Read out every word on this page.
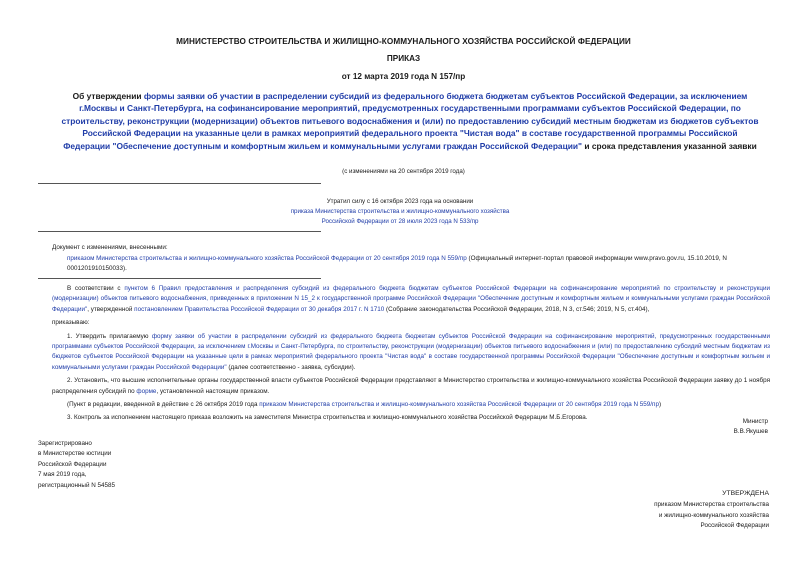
МИНИСТЕРСТВО СТРОИТЕЛЬСТВА И ЖИЛИЩНО-КОММУНАЛЬНОГО ХОЗЯЙСТВА РОССИЙСКОЙ ФЕДЕРАЦИИ
ПРИКАЗ
от 12 марта 2019 года N 157/пр
Об утверждении формы заявки об участии в распределении субсидий из федерального бюджета бюджетам субъектов Российской Федерации, за исключением г.Москвы и Санкт-Петербурга, на софинансирование мероприятий, предусмотренных государственными программами субъектов Российской Федерации, по строительству, реконструкции (модернизации) объектов питьевого водоснабжения и (или) по предоставлению субсидий местным бюджетам из бюджетов субъектов Российской Федерации на указанные цели в рамках мероприятий федерального проекта "Чистая вода" в составе государственной программы Российской Федерации "Обеспечение доступным и комфортным жильем и коммунальными услугами граждан Российской Федерации" и срока представления указанной заявки
(с изменениями на 20 сентября 2019 года)
Утратил силу с 16 октября 2023 года на основании
приказа Министерства строительства и жилищно-коммунального хозяйства
Российской Федерации от 28 июля 2023 года N 533/пр
Документ с изменениями, внесенными:
приказом Министерства строительства и жилищно-коммунального хозяйства Российской Федерации от 20 сентября 2019 года N 559/пр (Официальный интернет-портал правовой информации www.pravo.gov.ru, 15.10.2019, N 0001201910150033).

В соответствии с пунктом 6 Правил предоставления и распределения субсидий из федерального бюджета бюджетам субъектов Российской Федерации на софинансирование мероприятий по строительству и реконструкции (модернизации) объектов питьевого водоснабжения, приведенных в приложении N 15_2 к государственной программе Российской Федерации "Обеспечение доступным и комфортным жильем и коммунальными услугами граждан Российской Федерации", утвержденной постановлением Правительства Российской Федерации от 30 декабря 2017 г. N 1710 (Собрание законодательства Российской Федерации, 2018, N 3, ст.546; 2019, N 5, ст.404),

приказываю:

1. Утвердить прилагаемую форму заявки об участии в распределении субсидий из федерального бюджета бюджетам субъектов Российской Федерации на софинансирование мероприятий, предусмотренных государственными программами субъектов Российской Федерации, за исключением г.Москвы и Санкт-Петербурга, по строительству, реконструкции (модернизации) объектов питьевого водоснабжения и (или) по предоставлению субсидий местным бюджетам из бюджетов субъектов Российской Федерации на указанные цели в рамках мероприятий федерального проекта "Чистая вода" в составе государственной программы Российской Федерации "Обеспечение доступным и комфортным жильем и коммунальными услугами граждан Российской Федерации" (далее соответственно - заявка, субсидии).

2. Установить, что высшие исполнительные органы государственной власти субъектов Российской Федерации представляют в Министерство строительства и жилищно-коммунального хозяйства Российской Федерации заявку до 1 ноября распределения субсидий по форме, установленной настоящим приказом.

(Пункт в редакции, введенной в действие с 26 октября 2019 года приказом Министерства строительства и жилищно-коммунального хозяйства Российской Федерации от 20 сентября 2019 года N 559/пр)

3. Контроль за исполнением настоящего приказа возложить на заместителя Министра строительства и жилищно-коммунального хозяйства Российской Федерации М.Б.Егорова.

Министр
В.В.Якушев
Зарегистрировано
в Министерстве юстиции
Российской Федерации
7 мая 2019 года,
регистрационный N 54585
УТВЕРЖДЕНА
приказом Министерства строительства
и жилищно-коммунального хозяйства
Российской Федерации
